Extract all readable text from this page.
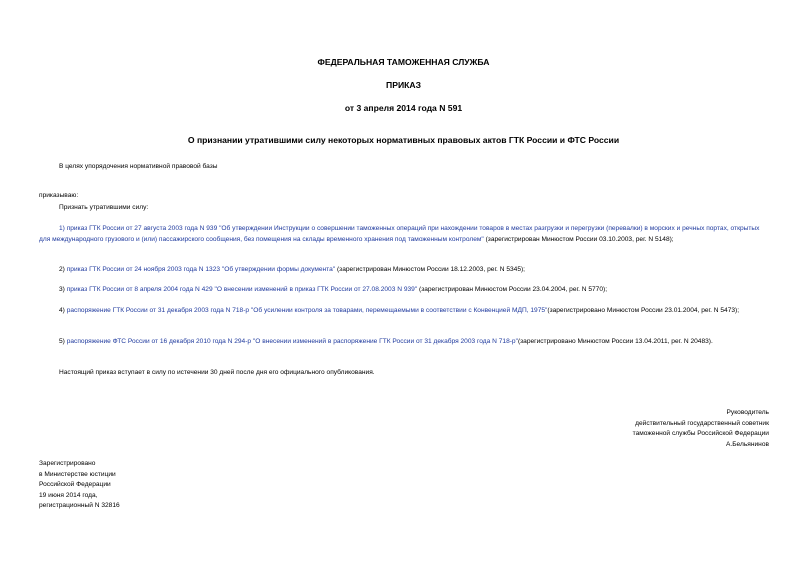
ФЕДЕРАЛЬНАЯ ТАМОЖЕННАЯ СЛУЖБА
ПРИКАЗ
от 3 апреля 2014 года N 591
О признании утратившими силу некоторых нормативных правовых актов ГТК России и ФТС России

В целях упорядочения нормативной правовой базы

приказываю:

Признать утратившими силу:

1) приказ ГТК России от 27 августа 2003 года N 939 "Об утверждении Инструкции о совершении таможенных операций при нахождении товаров в местах разгрузки и перегрузки (перевалки) в морских и речных портах, открытых для международного грузового и (или) пассажирского сообщения, без помещения на склады временного хранения под таможенным контролем" (зарегистрирован Минюстом России 03.10.2003, рег. N 5148);

2) приказ ГТК России от 24 ноября 2003 года N 1323 "Об утверждении формы документа" (зарегистрирован Минюстом России 18.12.2003, рег. N 5345);

3) приказ ГТК России от 8 апреля 2004 года N 429 "О внесении изменений в приказ ГТК России от 27.08.2003 N 939" (зарегистрирован Минюстом России 23.04.2004, рег. N 5770);

4) распоряжение ГТК России от 31 декабря 2003 года N 718-р "Об усилении контроля за товарами, перемещаемыми в соответствии с Конвенцией МДП, 1975"(зарегистрировано Минюстом России 23.01.2004, рег. N 5473);

5) распоряжение ФТС России от 16 декабря 2010 года N 294-р "О внесении изменений в распоряжение ГТК России от 31 декабря 2003 года N 718-р"(зарегистрировано Минюстом России 13.04.2011, рег. N 20483).

Настоящий приказ вступает в силу по истечении 30 дней после дня его официального опубликования.

Руководитель
действительный государственный советник
таможенной службы Российской Федерации
А.Бельянинов
Зарегистрировано
в Министерстве юстиции
Российской Федерации
19 июня 2014 года,
регистрационный N 32816
